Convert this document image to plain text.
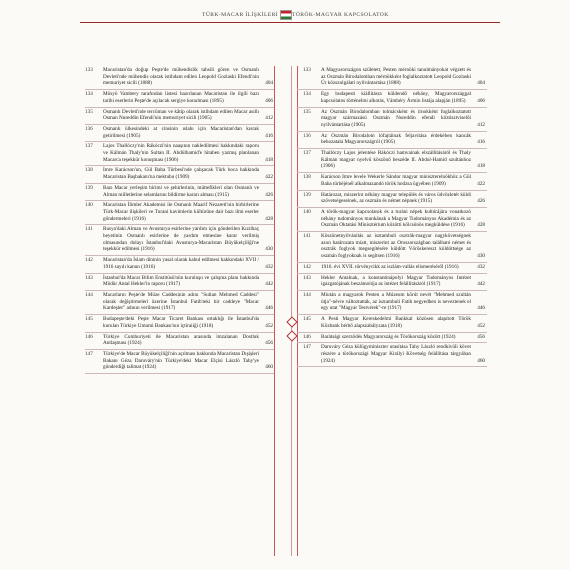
TÜRK-MACAR İLİŞKİLERİ	TÖRÖK-MAGYAR KAPCSOLATOK
133	Macaristan'da doğup Peşte'de mühendislik tahsili gören ve Osmanlı Devleti'nde mühendis olarak istihdam edilen Leopold Gozlaski Efendi'nin memuriyet sicili (1888)	404
134	Mösyö Vambery tarafından listesi hazırlanan Macaristan ile ilgili bazı tarihi eserlerin Peşte'de açılacak sergiye konulması (1895)	406
135	Osmanlı Devleti'nde tercüman ve kâtip olarak istihdam edilen Macar asıllı Osman Nureddin Efendi'nin memuriyet sicili (1905)	412
136	Osmanlı ülkesindeki at cinsinin ıslahı için Macaristan'dan kısrak getirilmesi (1905)	416
137	Lajos Thallóczy'nin Rákóczi'nin naaşının nakledilmesi hakkındaki raporu ve Kálmán Thaly'nin Sultan II. Abdülhamid'e hitaben yazmış planlanan Macarca teşekkür konuşması (1906)	418
138	İmre Karácson'un, Gül Baba Türbesi'nde çalışacak Türk hoca hakkında Macaristan Başbakanı'na mektubu (1909)	422
139	Bazı Macar yerleşim birimi ve şehirlerinin, müttefikleri olan Osmanlı ve Alman milletlerine selamlarını bildirme kararı alması (1915)	426
140	Macaristan İlimler Akademisi ile Osmanlı Maarif Nezareti'nin birbirlerine Türk-Macar ilişkileri ve Turani kavimlerin kültürüne dair bazı ilmi eserler göndermeleri (1916)	428
141	Rusya'daki Alman ve Avusturya esirlerine yardım için gönderilen Kızılhaç heyetinin Osmanlı esirlerine de yardım etmesine karar verilmiş olmasından dolayı İstanbul'daki Avusturya-Macaristan Büyükelçiliği'ne teşekkür edilmesi (1916)	430
142	Macaristan'da İslam dininin yasal olarak kabul edilmesi hakkındaki XVII / 1916 sayılı kanun (1916)	432
143	İstanbul'da Macar Bilim Enstitüsü'nün kuruluşu ve çalışma planı hakkında Müdür Antal Hekler'in raporu (1917)	442
144	Macarların Peşte'de Müze Caddesinin adını "Sultan Mehmed Caddesi" olarak değiştirmeleri üzerine İstanbul Fatih'teki bir caddeye "Macar Kardeşler" adının verilmesi (1917)	446
145	Budapeşte'deki Peşte Macar Ticaret Bankası ortaklığı ile İstanbul'da kurulan Türkiye Umumi Bankası'nın içtiraiiği (1918)	452
146	Türkiye Cumhuriyeti ile Macaristan arasında imzalanan Dostluk Antlaşması (1924)	456
147	Türkiye'de Macar Büyükelçiliği'nin açılması hakkında Macaristan Dışişleri Bakanı Géza Daruváry'nin Türkiye'deki Macar Elçisi László Tahy'ye gönderdiği talimat (1924)	460
133	A Magyarországon született, Pesten mérnöki tanulmányokat végzett és az Oszmán Birodalomban mérnökként foglalkoztatott Leopold Gozlaski Úr közszolgálati nyilvántartása (1888)	404
134	Egy budapesti kiállításra küldendő néhány, Magyarországgal kapcsolatos történelmi alkotás, Vámbéry Ármin listája alapján (1895)	406
135	Az Oszmán Birodalomban tolmácsként és írnokként foglalkoztatott magyar származású Oszmán Nureddin efendi köztisztviselői nyilvántartása (1905)	412
136	Az Oszmán Birodalom lófajtáinak feljavítása érdekében kancák behozatala Magyarországról (1905)	416
137	Thallóczy Lajos jelentése Rákóczi hamvainak elszállításáról és Thaly Kálmán magyar nyelvű köszönő beszéde II. Abdul-Hamid szultánhoz (1906)	418
138	Karácson Imre levele Wekerle Sándor magyar miniszterelnökhöz a Gül Baba türbéjénél alkalmazandó török hodzsa ügyében (1909)	422
139	Határozat, miszerint néhány magyar település és város üdvözletét küldi szövetségeseinek, az oszmán és német népnek (1915)	426
140	A török-magyar kapcsolatok és a turáni népek kultúrájára vonatkozó néhány tudományos munkának a Magyar Tudományos Akadémia és az Oszmán Oktatási Minisztérium közötti kölcsönös megküldése (1916)	428
141	Köszönetnyilvánítás az isztambuli osztrák-magyar nagykövetségnek azon határozata miatt, miszerint az Oroszországban található német és osztrák foglyok megsegítésére küldött Vöröskereszt küldöttsége az oszmán foglyoknak is segítsen (1916)	430
142	1916. évi XVII. törvénycikk az iszlám-vallás elismeréséről (1916)	432
143	Hekler Antalnak, a konstantinápolyi Magyar Tudományos Intézet igazgatójának beszámolója az intézet felállításáról (1917)	442
144	Miután a magyarok Pesten a Múzeum körút nevét "Mehmed szultán útja"-névre változtatták, az isztambuli Fatih negyedben is neveztenek el egy utat "Magyar Testvérek"-re (1917)	446
145	A Pesti Magyar Kereskedelmi Bankkal közösen alapított Török Közbank bérbő alapszabályzata (1918)	452
146	Barátsági szerződés Magyarország és Törökország között (1924)	456
147	Daruváry Géza külügyminiszter utasítása Tahy László rendkívüli követ részére a törökországi Magyar Királyi Követség felállítása tárgyában (1924)	460
